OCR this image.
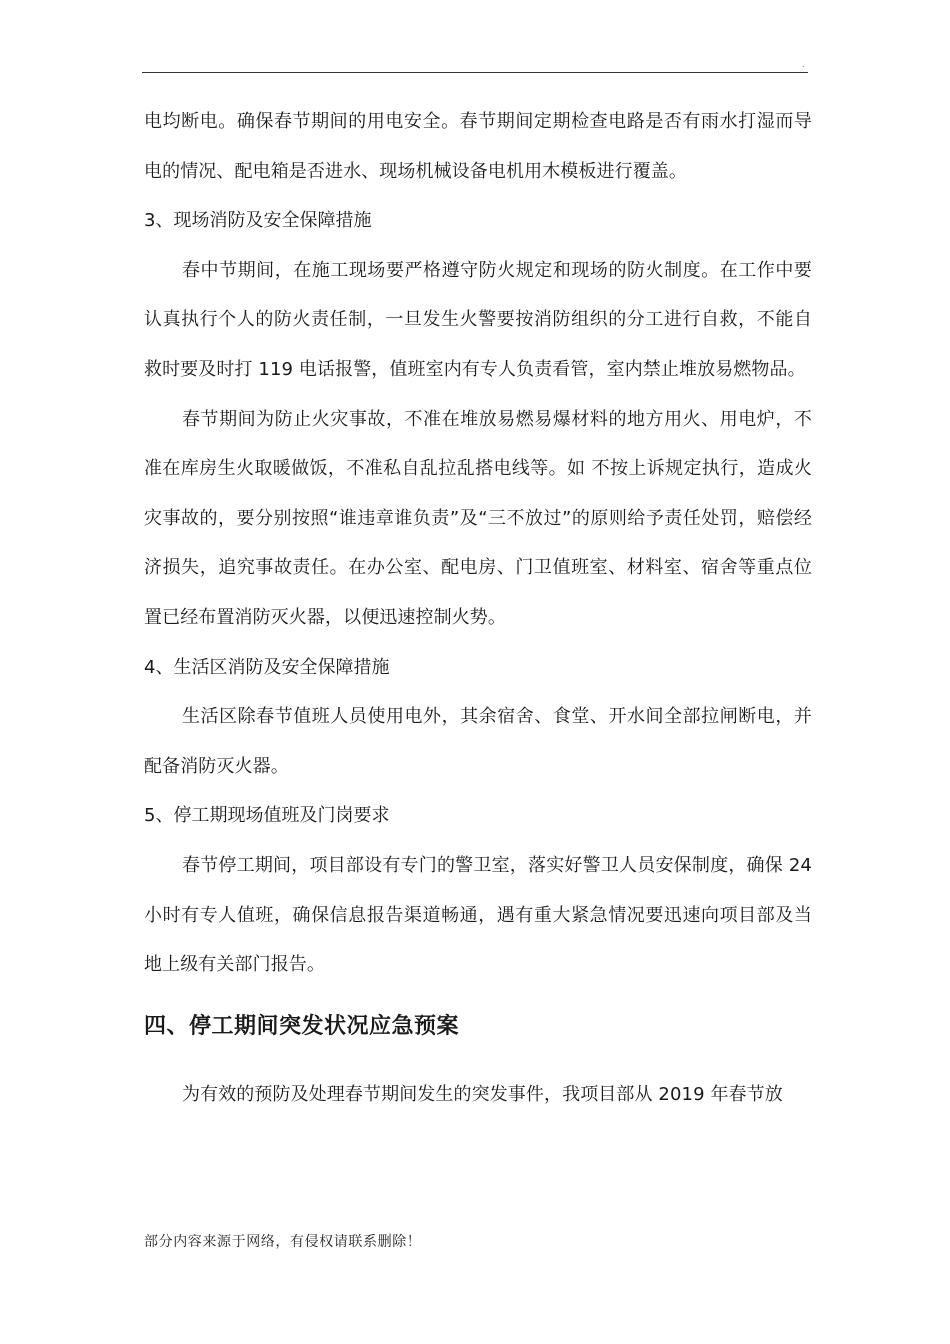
.

电均断电。确保春节期间的用电安全。春节期间定期检查电路是否有雨水打湿而导电的情况、配电箱是否进水、现场机械设备电机用木模板进行覆盖。

3、现场消防及安全保障措施

春中节期间，在施工现场要严格遵守防火规定和现场的防火制度。在工作中要认真执行个人的防火责任制，一旦发生火警要按消防组织的分工进行自救，不能自救时要及时打 119 电话报警，值班室内有专人负责看管，室内禁止堆放易燃物品。

春节期间为防止火灾事故，不准在堆放易燃易爆材料的地方用火、用电炉，不准在库房生火取暖做饭，不准私自乱拉乱搭电线等。如 不按上诉规定执行，造成火灾事故的，要分别按照“谁违章谁负责”及“三不放过”的原则给予责任处罚，赔偿经济损失，追究事故责任。在办公室、配电房、门卫值班室、材料室、宿舍等重点位置已经布置消防灭火器，以便迅速控制火势。

4、生活区消防及安全保障措施

生活区除春节值班人员使用电外，其余宿舍、食堂、开水间全部拉闸断电，并配备消防灭火器。

5、停工期现场值班及门岗要求

春节停工期间，项目部设有专门的警卫室，落实好警卫人员安保制度，确保 24 小时有专人值班，确保信息报告渠道畅通，遇有重大紧急情况要迅速向项目部及当地上级有关部门报告。

四、停工期间突发状况应急预案

为有效的预防及处理春节期间发生的突发事件，我项目部从 2019 年春节放

部分内容来源于网络，有侵权请联系删除！
